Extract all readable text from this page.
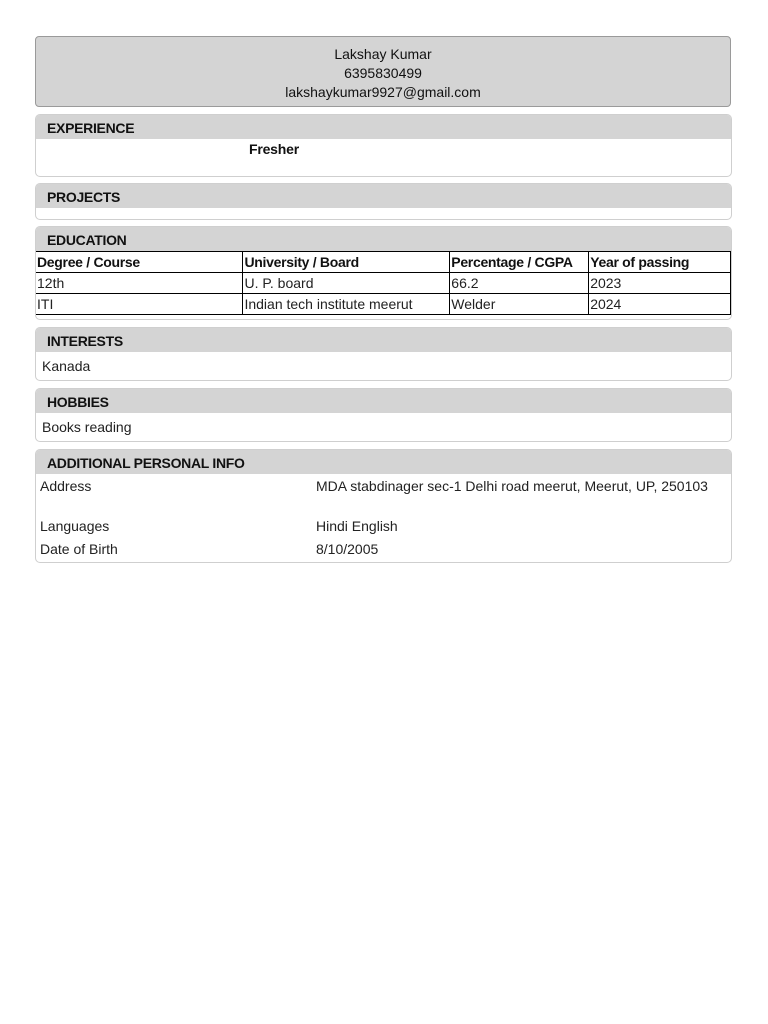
Lakshay Kumar
6395830499
lakshaykumar9927@gmail.com
EXPERIENCE
Fresher
PROJECTS
EDUCATION
Degree / Course	University / Board	Percentage / CGPA	Year of passing
12th	U. P. board	66.2	2023
ITI	Indian tech institute meerut	Welder	2024
INTERESTS
Kanada
HOBBIES
Books reading
ADDITIONAL PERSONAL INFO
Address	MDA stabdinager sec-1 Delhi road meerut, Meerut, UP, 250103
Languages	Hindi English
Date of Birth	8/10/2005
